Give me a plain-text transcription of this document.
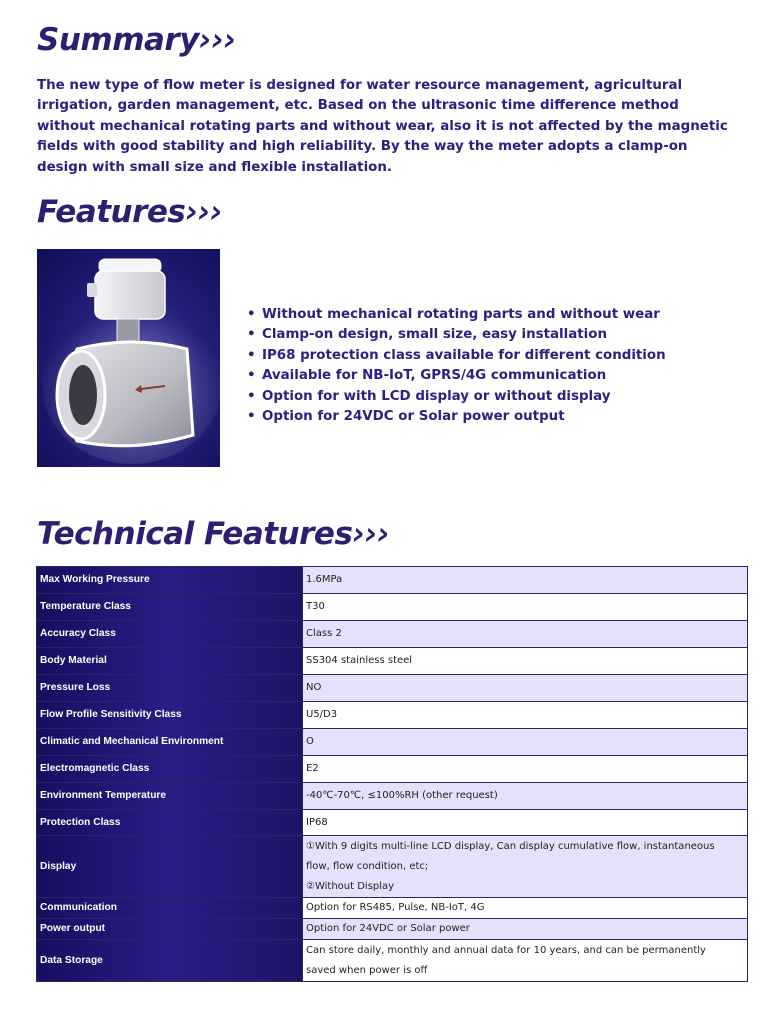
Summary›››

The new type of flow meter is designed for water resource management, agricultural irrigation, garden management, etc. Based on the ultrasonic time difference method without mechanical rotating parts and without wear, also it is not affected by the magnetic fields with good stability and high reliability. By the way the meter adopts a clamp-on design with small size and flexible installation.

Features›››
• Without mechanical rotating parts and without wear
• Clamp-on design, small size, easy installation
• IP68 protection class available for different condition
• Available for NB-IoT, GPRS/4G communication
• Option for with LCD display or without display
• Option for 24VDC or Solar power output
Technical Features›››
Max Working Pressure	1.6MPa
Temperature Class	T30
Accuracy Class	Class 2
Body Material	SS304 stainless steel
Pressure Loss	NO
Flow Profile Sensitivity Class	U5/D3
Climatic and Mechanical Environment	O
Electromagnetic Class	E2
Environment Temperature	-40℃-70℃, ≤100%RH (other request)
Protection Class	IP68
Display	①With 9 digits multi-line LCD display, Can display cumulative flow, instantaneous
flow, flow condition, etc;
②Without Display

Communication	Option for RS485, Pulse, NB-IoT, 4G
Power output	Option for 24VDC or Solar power
Data Storage	Can store daily, monthly and annual data for 10 years, and can be permanently
saved when power is off
